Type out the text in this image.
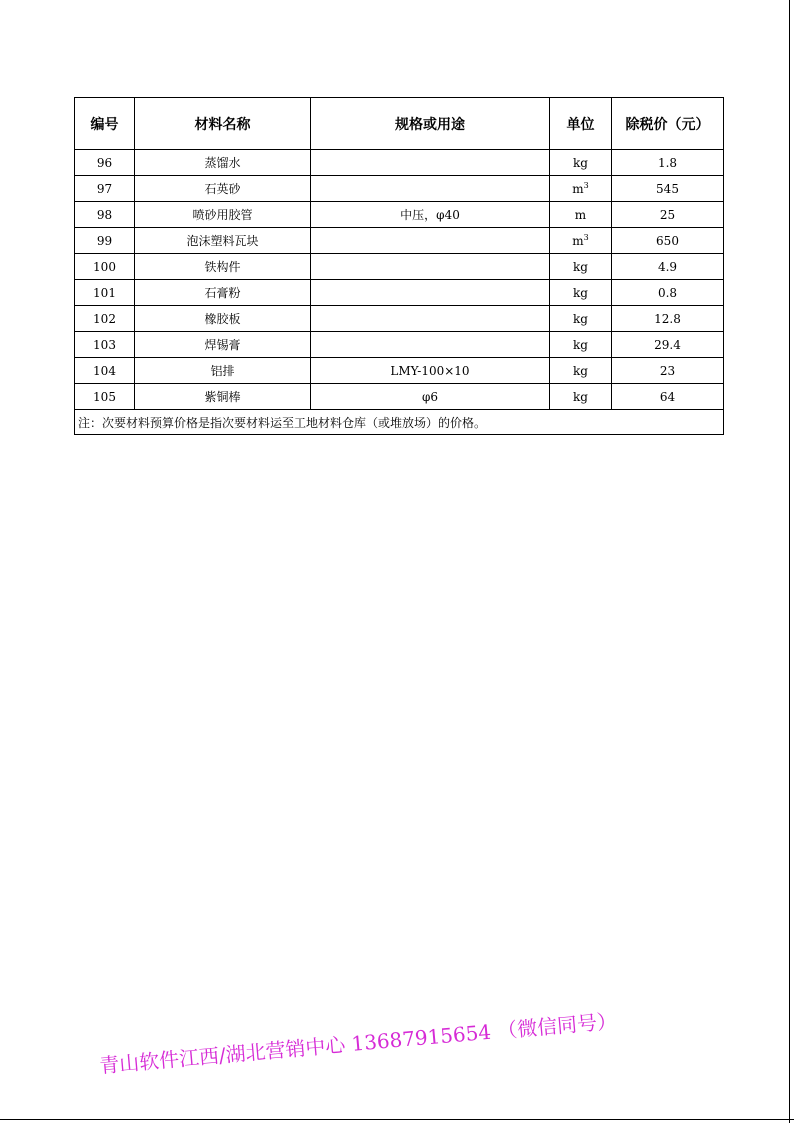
编号	材料名称	规格或用途	单位	除税价（元）
96	蒸馏水		kg	1.8
97	石英砂		$m^3$	545
98	喷砂用胶管	中压，φ40	m	25
99	泡沫塑料瓦块		$m^3$	650
100	铁构件		kg	4.9
101	石膏粉		kg	0.8
102	橡胶板		kg	12.8
103	焊锡膏		kg	29.4
104	铝排	LMY-100×10	kg	23
105	紫铜棒	φ6	kg	64
注：次要材料预算价格是指次要材料运至工地材料仓库（或堆放场）的价格。				
青山软件江西/湖北营销中心 13687915654 （微信同号）
